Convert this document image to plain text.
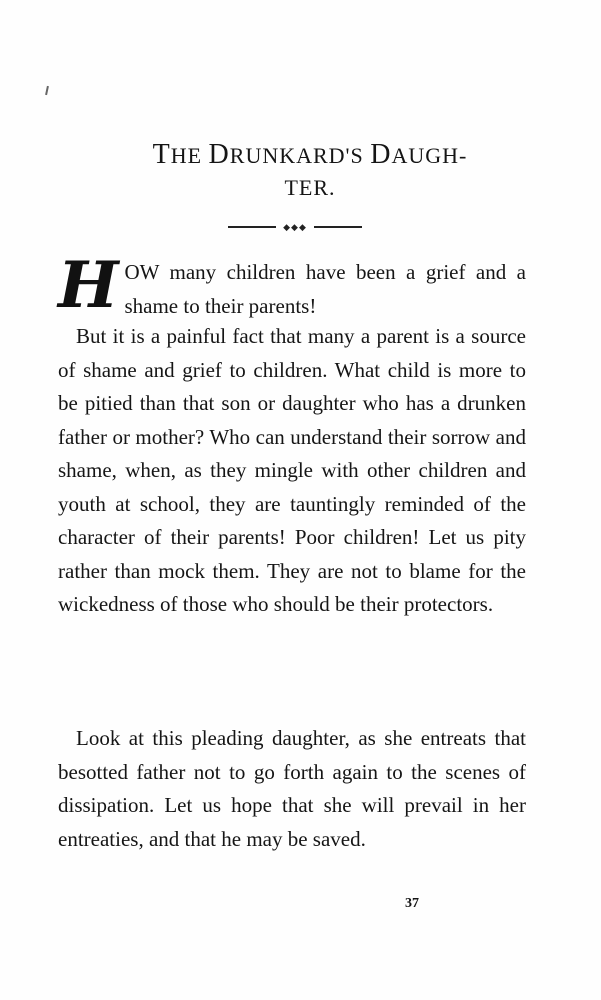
THE DRUNKARD'S DAUGH-
TER.
◆◆◆

HOW many children have been a grief and a shame to their parents!

But it is a painful fact that many a parent is a source of shame and grief to children. What child is more to be pitied than that son or daughter who has a drunken father or mother? Who can understand their sorrow and shame, when, as they mingle with other children and youth at school, they are tauntingly reminded of the character of their parents! Poor children! Let us pity rather than mock them. They are not to blame for the wickedness of those who should be their protectors.

Look at this pleading daughter, as she entreats that besotted father not to go forth again to the scenes of dissipation. Let us hope that she will prevail in her entreaties, and that he may be saved.

37
